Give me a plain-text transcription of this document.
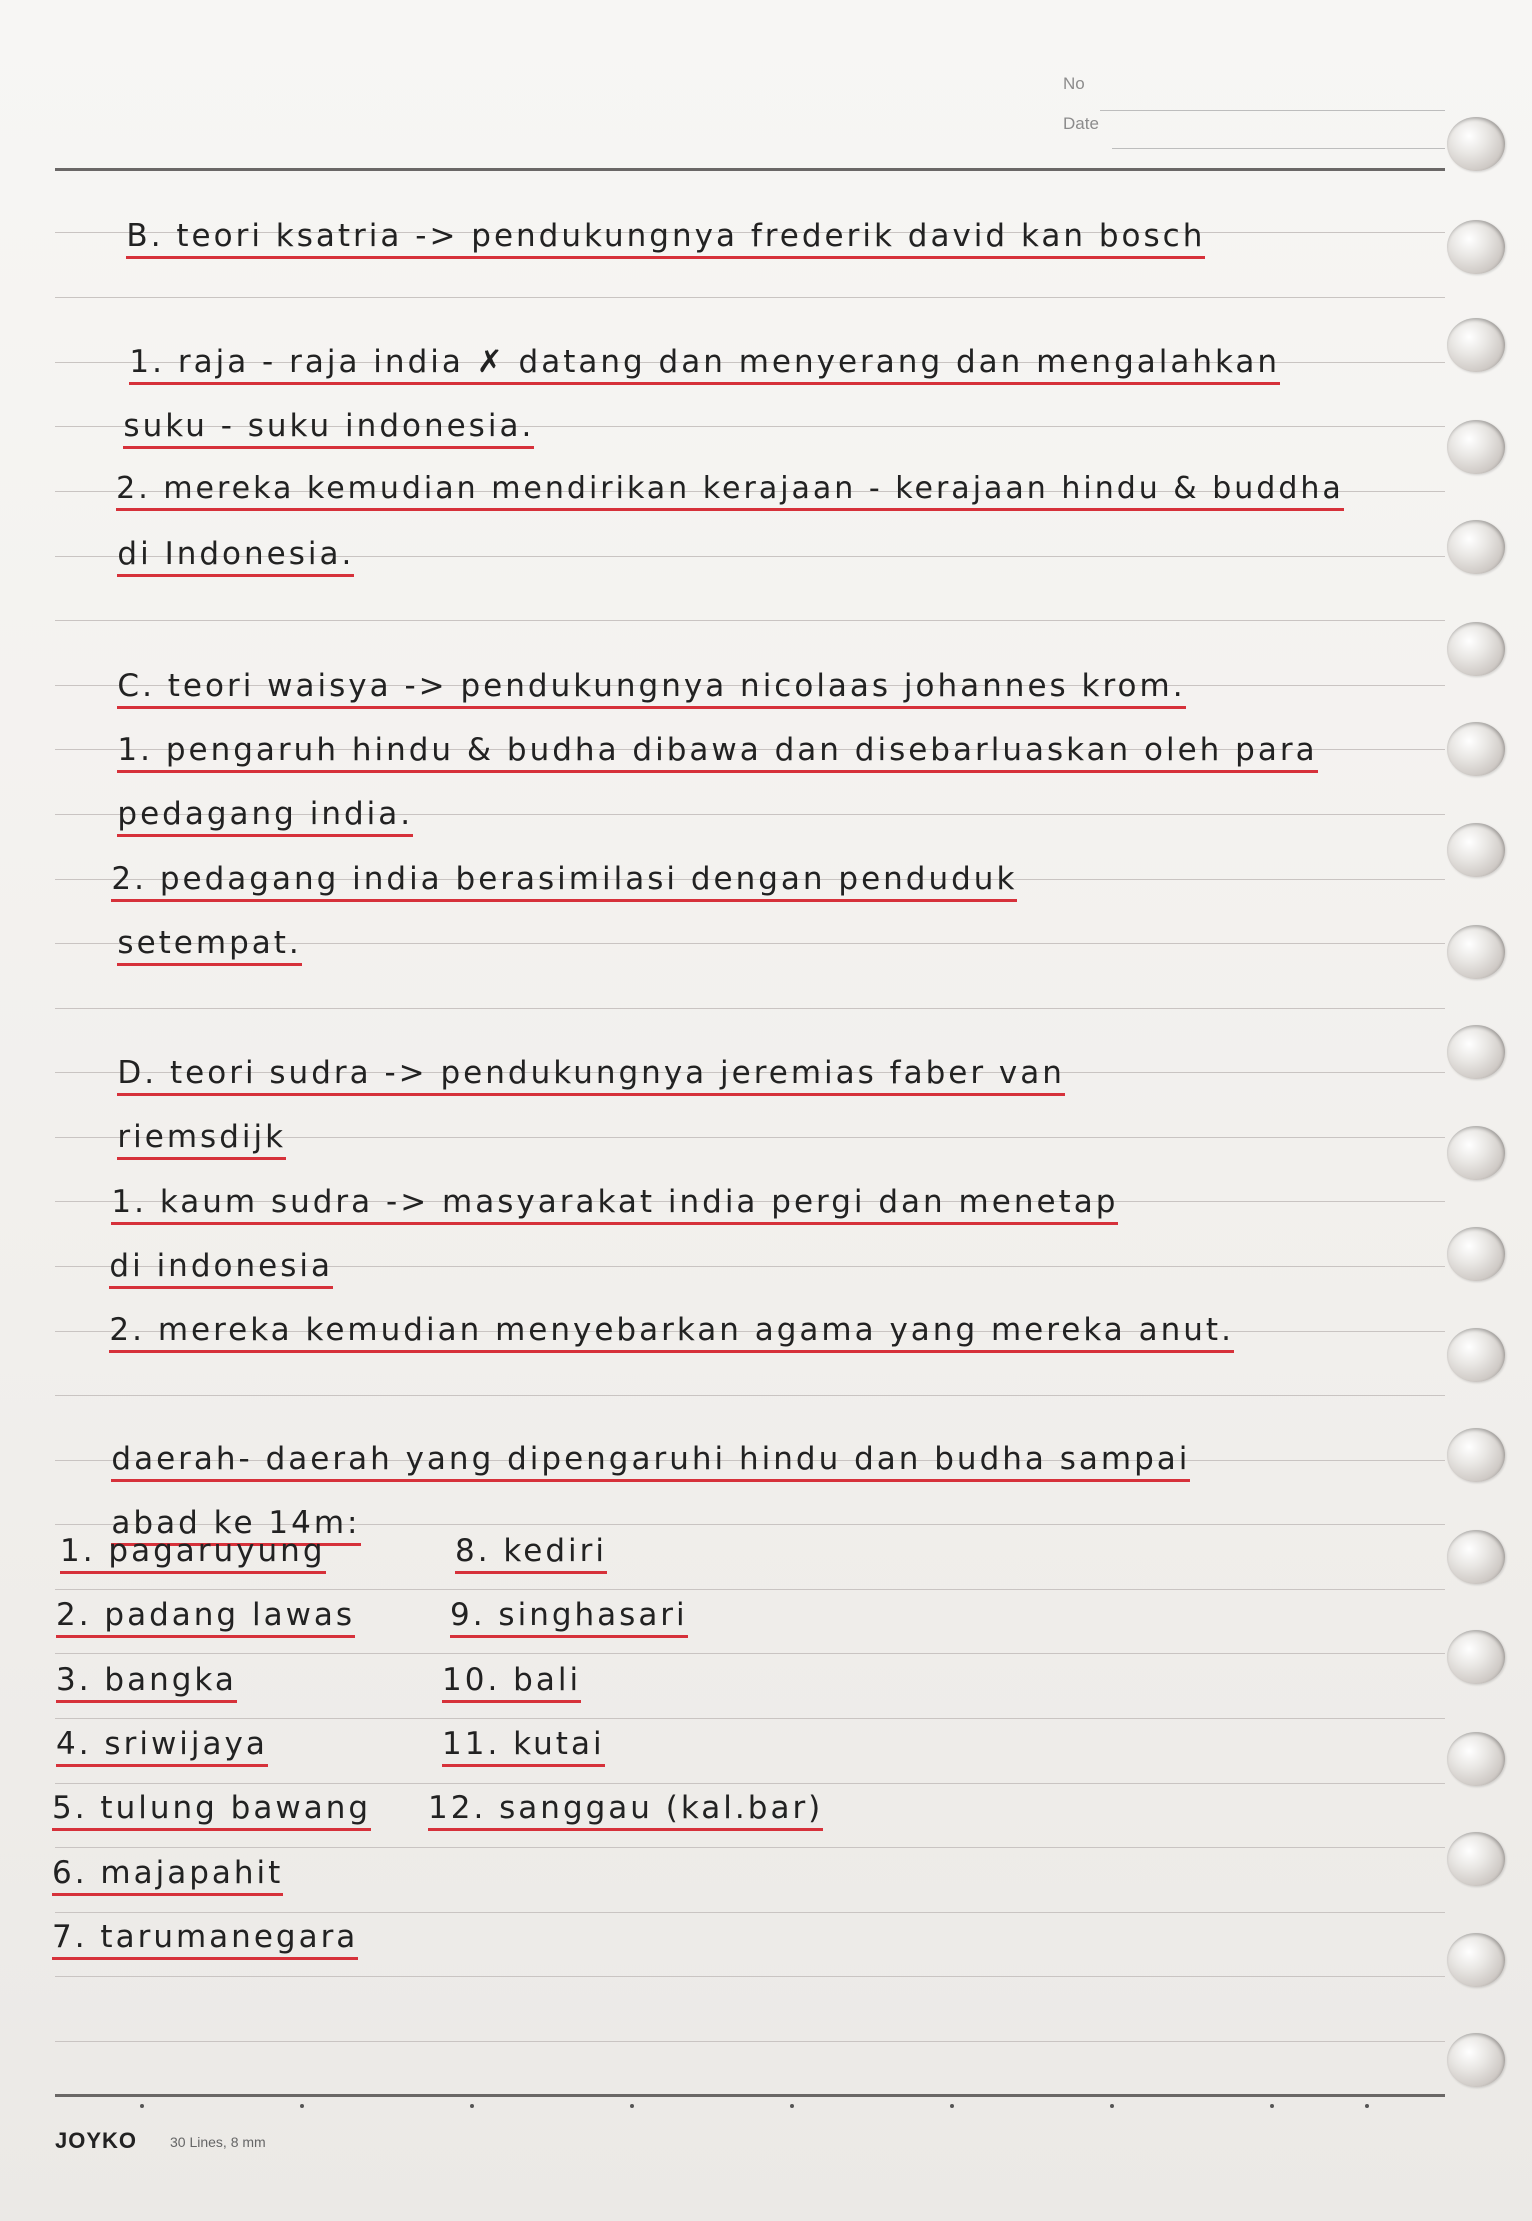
No
Date

B. teori ksatria -> pendukungnya frederik david kan bosch

1. raja - raja india ✗ datang dan menyerang dan mengalahkan

suku - suku indonesia.

2. mereka kemudian mendirikan kerajaan - kerajaan hindu & buddha

di Indonesia.

C. teori waisya -> pendukungnya nicolaas johannes krom.

1. pengaruh hindu & budha dibawa dan disebarluaskan oleh para

pedagang india.

2. pedagang india berasimilasi dengan penduduk

setempat.

D. teori sudra -> pendukungnya jeremias faber van

riemsdijk

1. kaum sudra -> masyarakat india pergi dan menetap

di indonesia

2. mereka kemudian menyebarkan agama yang mereka anut.

daerah- daerah yang dipengaruhi hindu dan budha sampai

abad ke 14m:

1. pagaruyung
2. padang lawas
3. bangka
4. sriwijaya
5. tulung bawang
6. majapahit
7. tarumanegara
8. kediri
9. singhasari
10. bali
11. kutai
12. sanggau (kal.bar)
JOYKO 30 Lines, 8 mm
